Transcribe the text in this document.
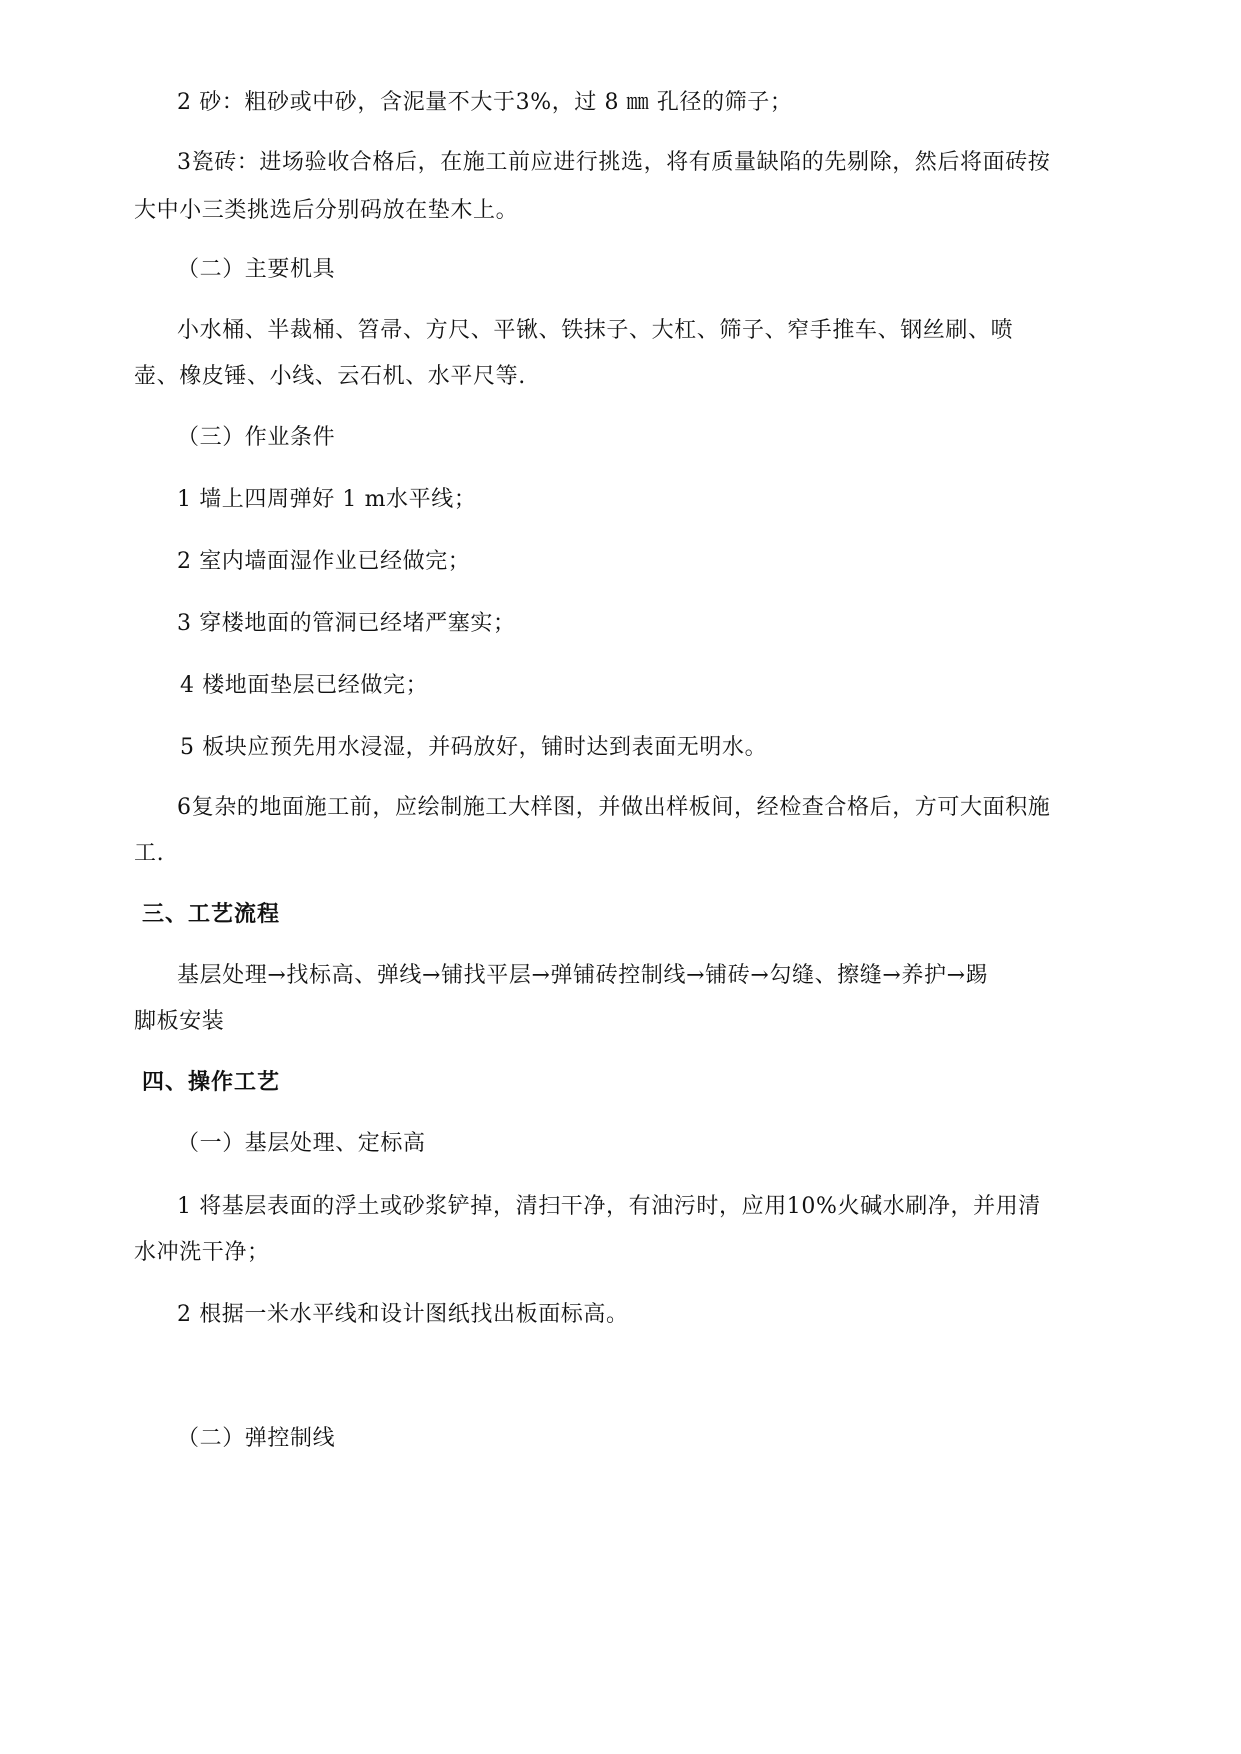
2 砂：粗砂或中砂，含泥量不大于3%，过 8 ㎜ 孔径的筛子；
3瓷砖：进场验收合格后，在施工前应进行挑选，将有质量缺陷的先剔除，然后将面砖按
大中小三类挑选后分别码放在垫木上。
（二）主要机具
小水桶、半裁桶、笤帚、方尺、平锹、铁抹子、大杠、筛子、窄手推车、钢丝刷、喷
壶、橡皮锤、小线、云石机、水平尺等.
（三）作业条件
1 墙上四周弹好 1 m水平线；
2 室内墙面湿作业已经做完；
3 穿楼地面的管洞已经堵严塞实；
4 楼地面垫层已经做完；
5 板块应预先用水浸湿，并码放好，铺时达到表面无明水。
6复杂的地面施工前，应绘制施工大样图，并做出样板间，经检查合格后，方可大面积施
工.
三、工艺流程
基层处理→找标高、弹线→铺找平层→弹铺砖控制线→铺砖→勾缝、擦缝→养护→踢
脚板安装
四、操作工艺
（一）基层处理、定标高
1 将基层表面的浮土或砂浆铲掉，清扫干净，有油污时，应用10%火碱水刷净，并用清
水冲洗干净；
2 根据一米水平线和设计图纸找出板面标高。
（二）弹控制线
